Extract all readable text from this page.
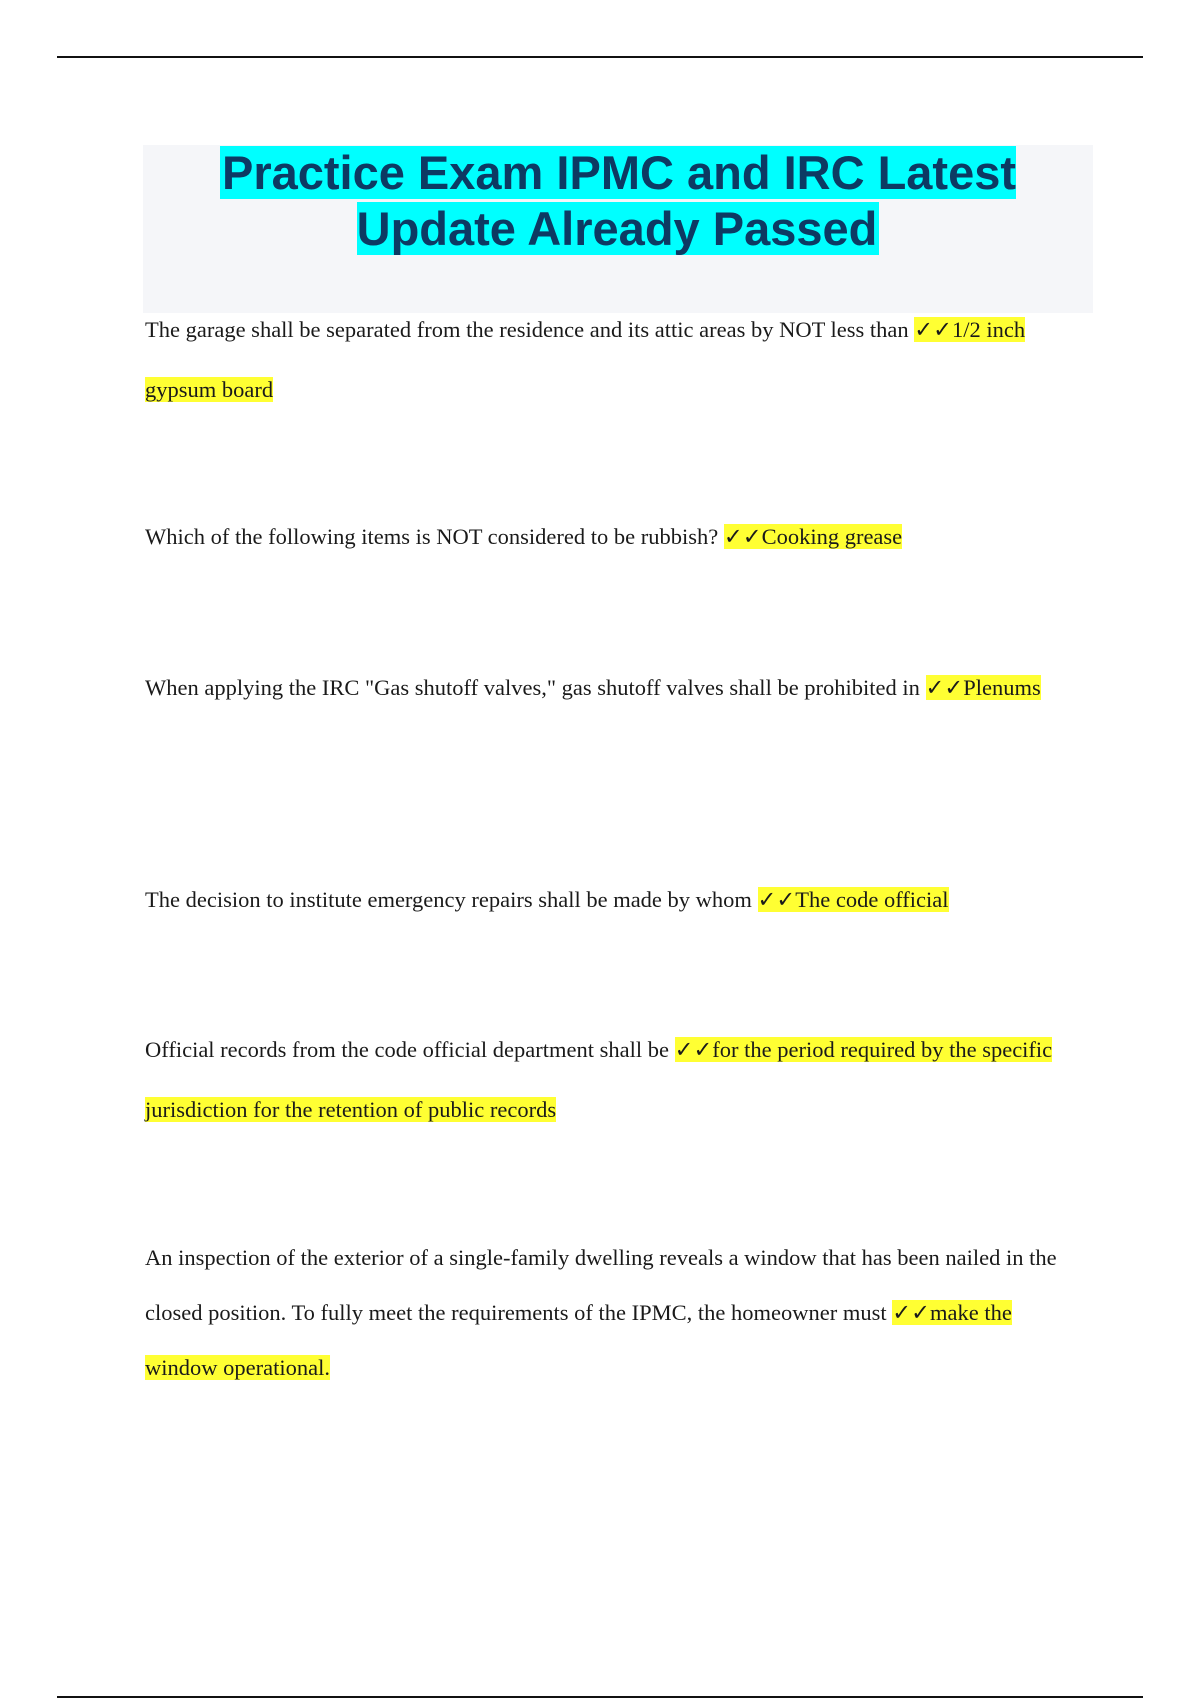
Practice Exam IPMC and IRC Latest Update Already Passed

The garage shall be separated from the residence and its attic areas by NOT less than ✓✓1/2 inch gypsum board

Which of the following items is NOT considered to be rubbish? ✓✓Cooking grease

When applying the IRC "Gas shutoff valves," gas shutoff valves shall be prohibited in ✓✓Plenums

The decision to institute emergency repairs shall be made by whom ✓✓The code official

Official records from the code official department shall be ✓✓for the period required by the specific jurisdiction for the retention of public records

An inspection of the exterior of a single-family dwelling reveals a window that has been nailed in the closed position. To fully meet the requirements of the IPMC, the homeowner must ✓✓make the window operational.
